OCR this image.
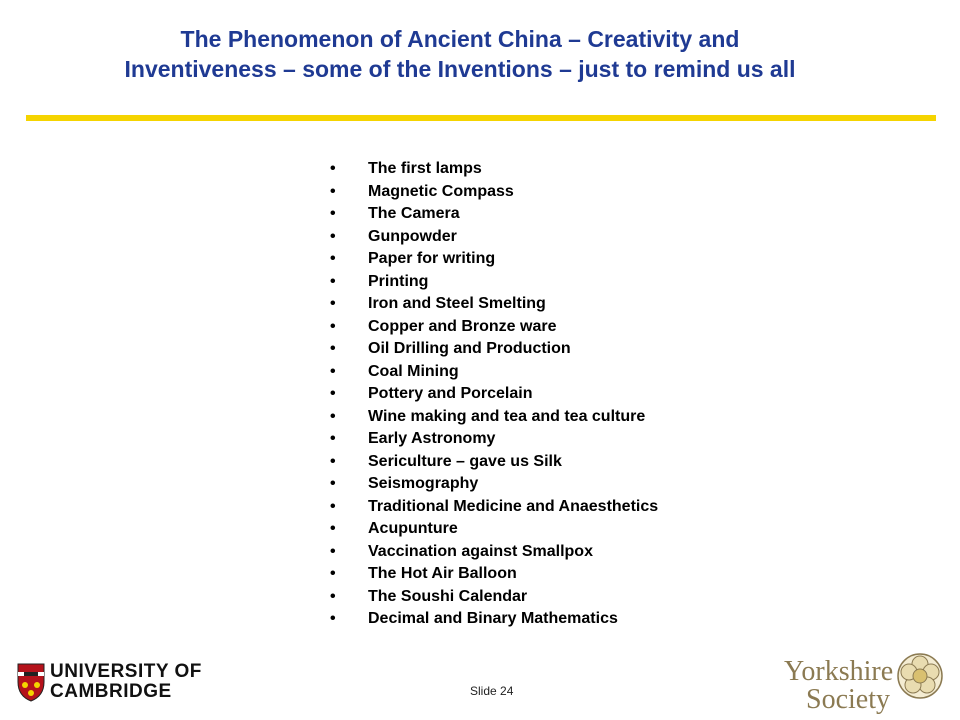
The Phenomenon of Ancient China – Creativity and
Inventiveness – some of the Inventions – just to remind us all
• The first lamps
• Magnetic Compass
• The Camera
• Gunpowder
• Paper for writing
• Printing
• Iron and Steel Smelting
• Copper and Bronze ware
• Oil Drilling and Production
• Coal Mining
• Pottery and Porcelain
• Wine making and tea and tea culture
• Early Astronomy
• Sericulture – gave us Silk
• Seismography
• Traditional Medicine and Anaesthetics
• Acupunture
• Vaccination against Smallpox
• The Hot Air Balloon
• The Soushi Calendar
• Decimal and Binary Mathematics
UNIVERSITY OF
CAMBRIDGE	Slide 24
Yorkshire
Society
